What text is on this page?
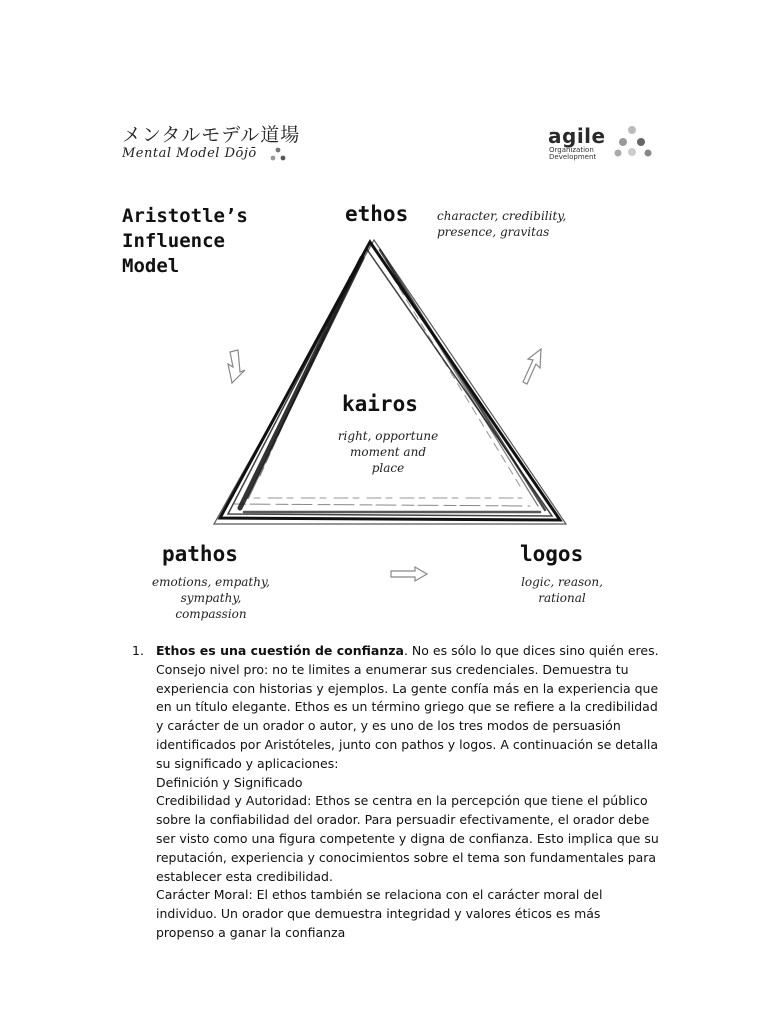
メンタルモデル道場
Mental Model Dōjō
agile
Organization
Development
Aristotle’s
Influence
Model
ethos character, credibility,
presence, gravitas
kairos
right, opportune
moment and place
pathos
emotions, empathy,
sympathy, compassion
logos
logic, reason,
rational
1. Ethos es una cuestión de confianza. No es sólo lo que dices sino quién eres. Consejo nivel pro: no te limites a enumerar sus credenciales. Demuestra tu experiencia con historias y ejemplos. La gente confía más en la experiencia que en un título elegante. Ethos es un término griego que se refiere a la credibilidad y carácter de un orador o autor, y es uno de los tres modos de persuasión identificados por Aristóteles, junto con pathos y logos. A continuación se detalla su significado y aplicaciones:

Definición y Significado

Credibilidad y Autoridad: Ethos se centra en la percepción que tiene el público sobre la confiabilidad del orador. Para persuadir efectivamente, el orador debe ser visto como una figura competente y digna de confianza. Esto implica que su reputación, experiencia y conocimientos sobre el tema son fundamentales para establecer esta credibilidad.

Carácter Moral: El ethos también se relaciona con el carácter moral del individuo. Un orador que demuestra integridad y valores éticos es más propenso a ganar la confianza
